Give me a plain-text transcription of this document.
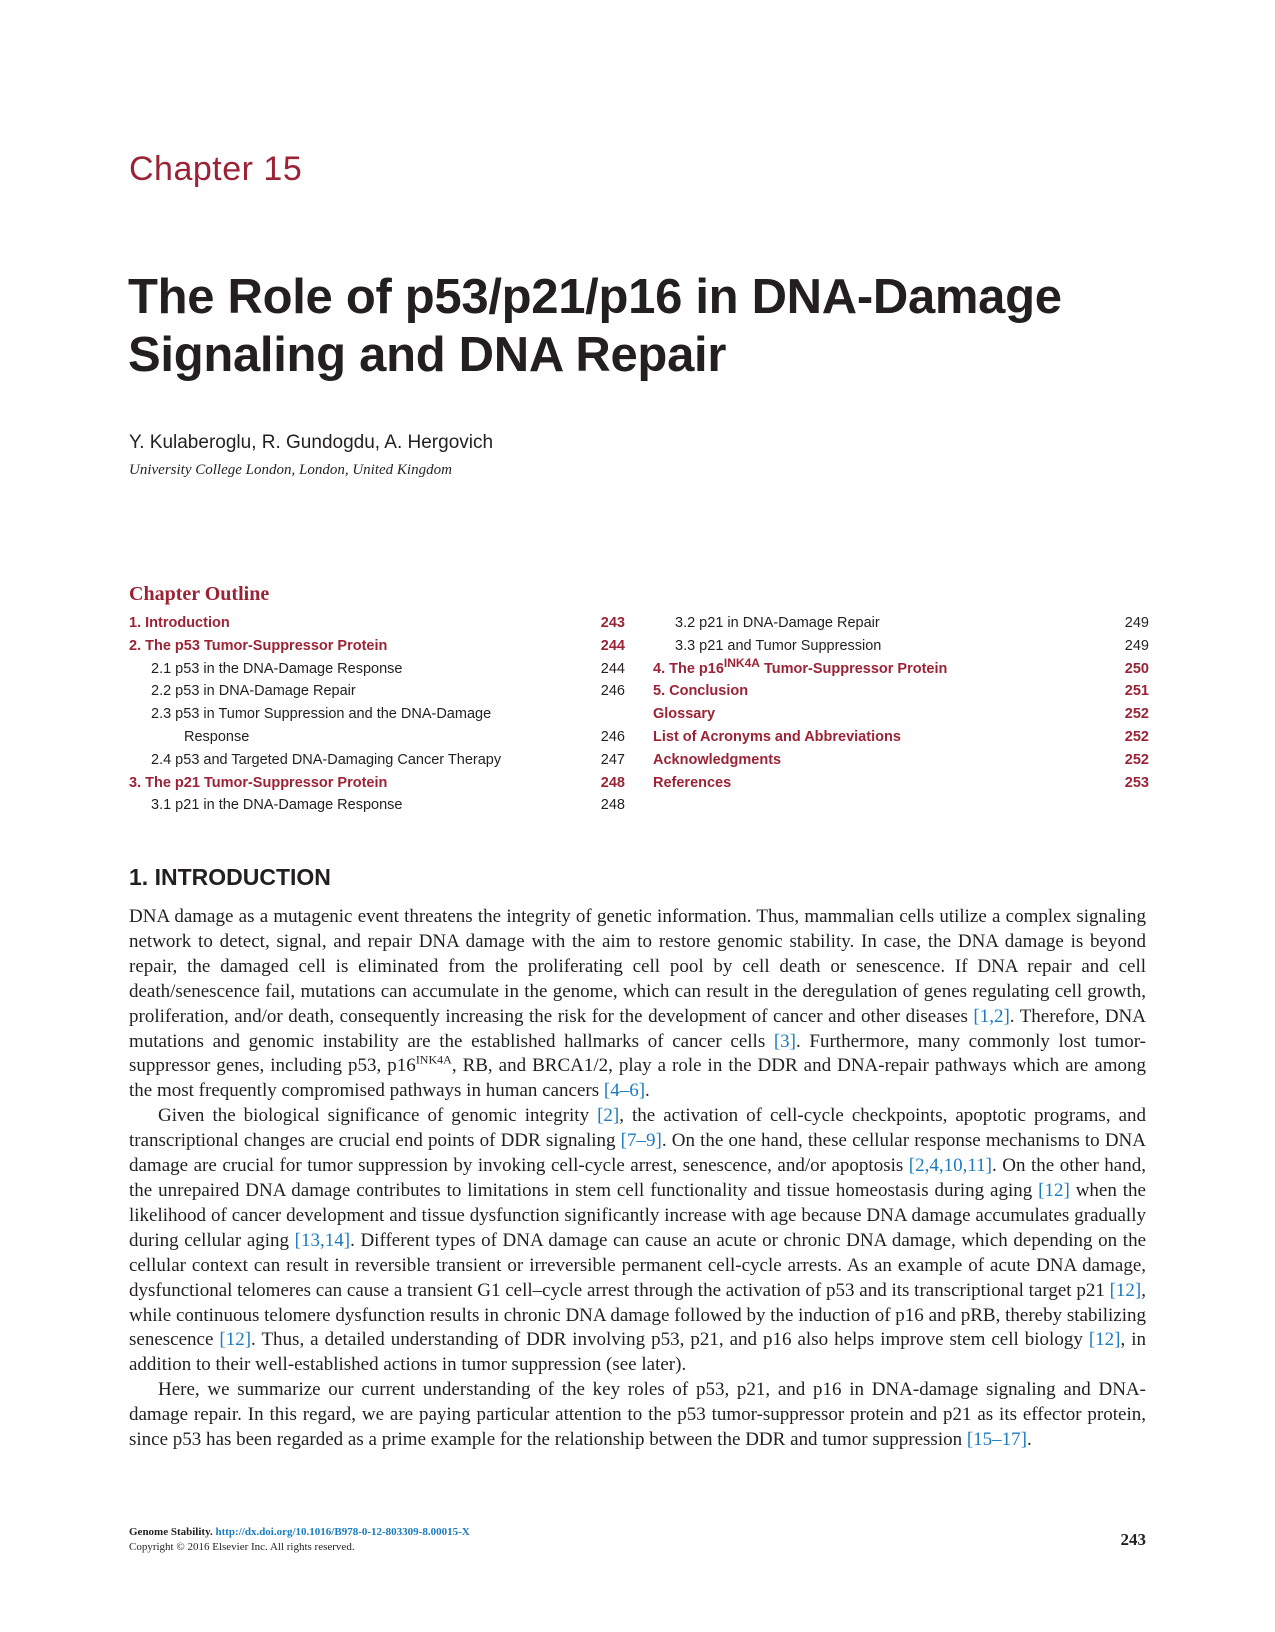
Chapter 15
The Role of p53/p21/p16 in DNA-Damage
Signaling and DNA Repair
Y. Kulaberoglu, R. Gundogdu, A. Hergovich
University College London, London, United Kingdom
Chapter Outline
1. Introduction	243
2. The p53 Tumor-Suppressor Protein	244
2.1 p53 in the DNA-Damage Response	244
2.2 p53 in DNA-Damage Repair	246
2.3 p53 in Tumor Suppression and the DNA-Damage
Response	246
2.4 p53 and Targeted DNA-Damaging Cancer Therapy	247
3. The p21 Tumor-Suppressor Protein	248
3.1 p21 in the DNA-Damage Response	248
3.2 p21 in DNA-Damage Repair	249
3.3 p21 and Tumor Suppression	249
4. The $p16^{INK4A}$ Tumor-Suppressor Protein	250
5. Conclusion	251
Glossary	252
List of Acronyms and Abbreviations	252
Acknowledgments	252
References	253
1. INTRODUCTION

DNA damage as a mutagenic event threatens the integrity of genetic information. Thus, mammalian cells utilize a complex signaling network to detect, signal, and repair DNA damage with the aim to restore genomic stability. In case, the DNA damage is beyond repair, the damaged cell is eliminated from the proliferating cell pool by cell death or senescence. If DNA repair and cell death/senescence fail, mutations can accumulate in the genome, which can result in the deregulation of genes regulating cell growth, proliferation, and/or death, consequently increasing the risk for the development of cancer and other diseases [1,2]. Therefore, DNA mutations and genomic instability are the established hallmarks of cancer cells [3]. Furthermore, many commonly lost tumor-suppressor genes, including p53, $p16^{INK4A}$, RB, and BRCA1/2, play a role in the DDR and DNA-repair pathways which are among the most frequently compromised pathways in human cancers [4–6].

Given the biological significance of genomic integrity [2], the activation of cell-cycle checkpoints, apoptotic programs, and transcriptional changes are crucial end points of DDR signaling [7–9]. On the one hand, these cellular response mechanisms to DNA damage are crucial for tumor suppression by invoking cell-cycle arrest, senescence, and/or apoptosis [2,4,10,11]. On the other hand, the unrepaired DNA damage contributes to limitations in stem cell functionality and tissue homeostasis during aging [12] when the likelihood of cancer development and tissue dysfunction significantly increase with age because DNA damage accumulates gradually during cellular aging [13,14]. Different types of DNA damage can cause an acute or chronic DNA damage, which depending on the cellular context can result in reversible transient or irreversible permanent cell-cycle arrests. As an example of acute DNA damage, dysfunctional telomeres can cause a transient G1 cell–cycle arrest through the activation of p53 and its transcriptional target p21 [12], while continuous telomere dysfunction results in chronic DNA damage followed by the induction of p16 and pRB, thereby stabilizing senescence [12]. Thus, a detailed understanding of DDR involving p53, p21, and p16 also helps improve stem cell biology [12], in addition to their well-established actions in tumor suppression (see later).

Here, we summarize our current understanding of the key roles of p53, p21, and p16 in DNA-damage signaling and DNA-damage repair. In this regard, we are paying particular attention to the p53 tumor-suppressor protein and p21 as its effector protein, since p53 has been regarded as a prime example for the relationship between the DDR and tumor suppression [15–17].

Genome Stability. http://dx.doi.org/10.1016/B978-0-12-803309-8.00015-X
Copyright © 2016 Elsevier Inc. All rights reserved.	243
